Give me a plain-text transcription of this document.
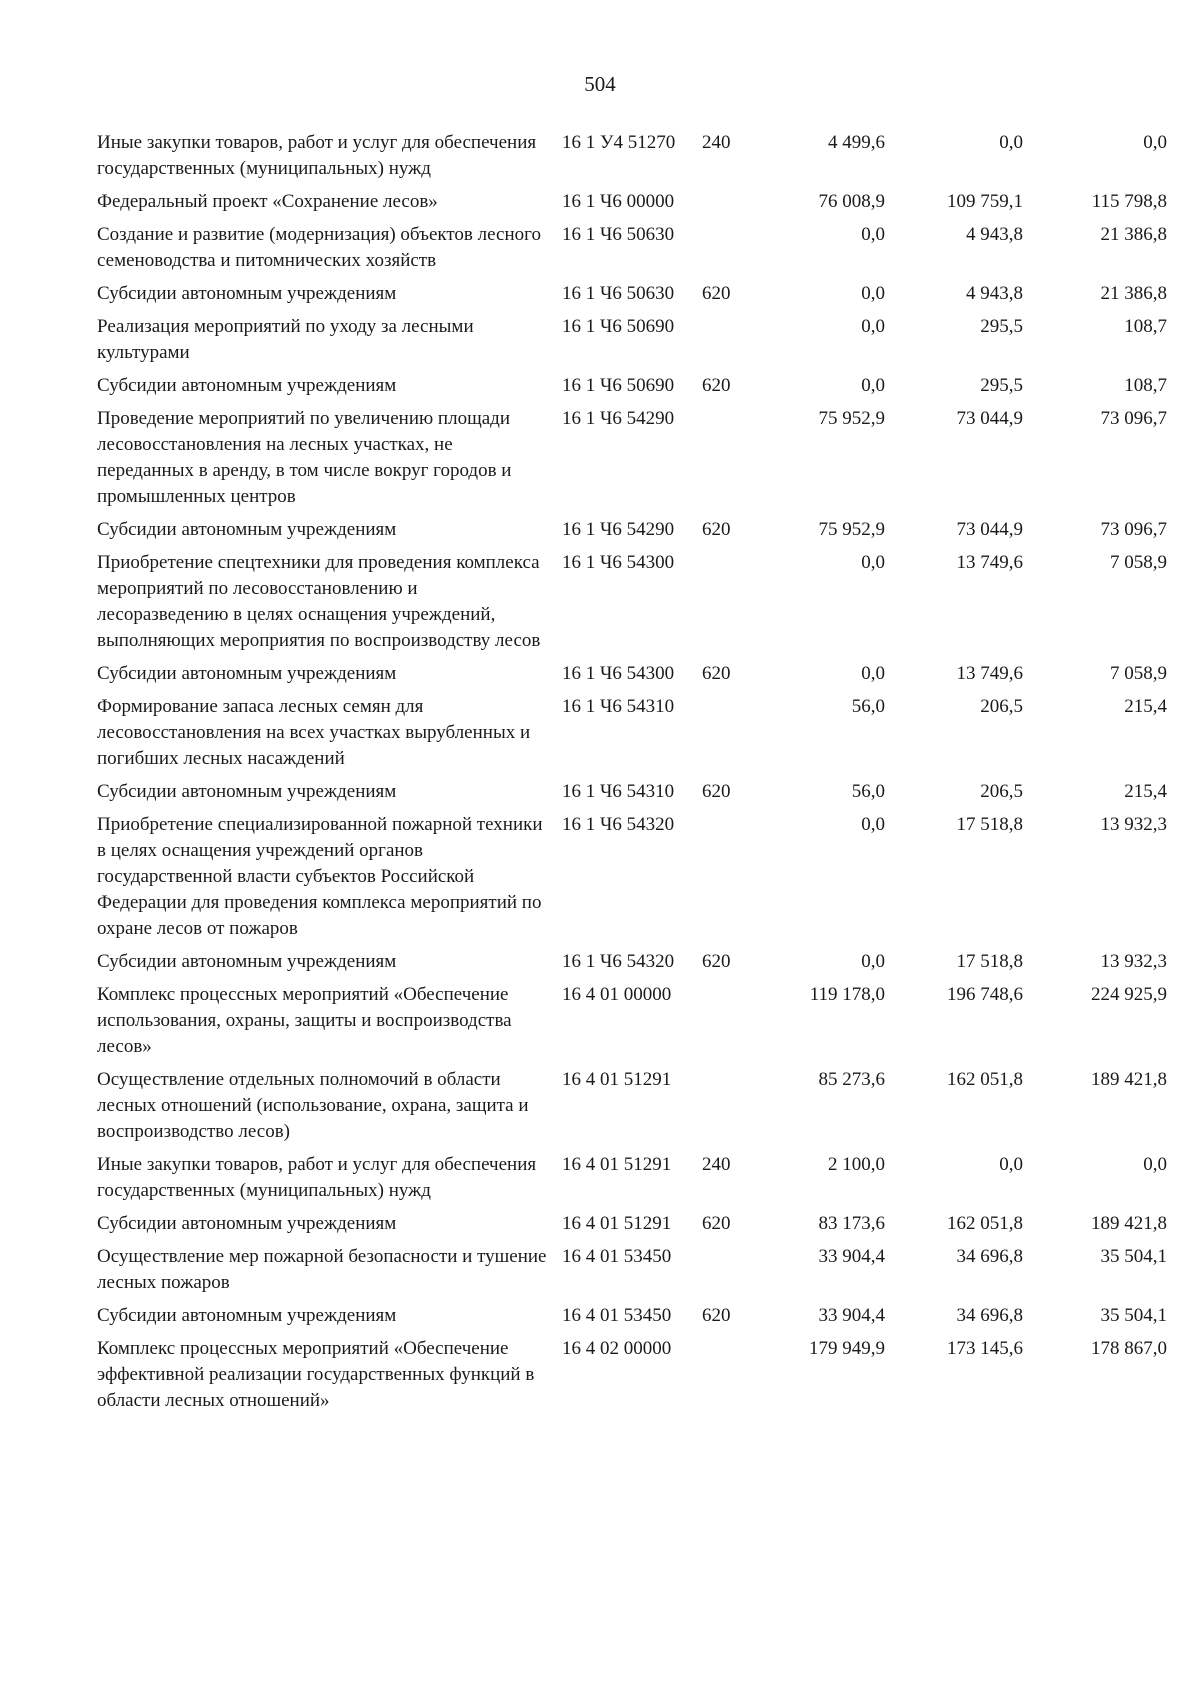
504
Иные закупки товаров, работ и услуг для обеспечения государственных (муниципальных) нужд	16 1 У4 51270	240	4 499,6	0,0	0,0
Федеральный проект «Сохранение лесов»	16 1 Ч6 00000		76 008,9	109 759,1	115 798,8
Создание и развитие (модернизация) объектов лесного семеноводства и питомнических хозяйств	16 1 Ч6 50630		0,0	4 943,8	21 386,8
Субсидии автономным учреждениям	16 1 Ч6 50630	620	0,0	4 943,8	21 386,8
Реализация мероприятий по уходу за лесными культурами	16 1 Ч6 50690		0,0	295,5	108,7
Субсидии автономным учреждениям	16 1 Ч6 50690	620	0,0	295,5	108,7
Проведение мероприятий по увеличению площади лесовосстановления на лесных участках, не переданных в аренду, в том числе вокруг городов и промышленных центров	16 1 Ч6 54290		75 952,9	73 044,9	73 096,7
Субсидии автономным учреждениям	16 1 Ч6 54290	620	75 952,9	73 044,9	73 096,7
Приобретение спецтехники для проведения комплекса мероприятий по лесовосстановлению и лесоразведению в целях оснащения учреждений, выполняющих мероприятия по воспроизводству лесов	16 1 Ч6 54300		0,0	13 749,6	7 058,9
Субсидии автономным учреждениям	16 1 Ч6 54300	620	0,0	13 749,6	7 058,9
Формирование запаса лесных семян для лесовосстановления на всех участках вырубленных и погибших лесных насаждений	16 1 Ч6 54310		56,0	206,5	215,4
Субсидии автономным учреждениям	16 1 Ч6 54310	620	56,0	206,5	215,4
Приобретение специализированной пожарной техники в целях оснащения учреждений органов государственной власти субъектов Российской Федерации для проведения комплекса мероприятий по охране лесов от пожаров	16 1 Ч6 54320		0,0	17 518,8	13 932,3
Субсидии автономным учреждениям	16 1 Ч6 54320	620	0,0	17 518,8	13 932,3
Комплекс процессных мероприятий «Обеспечение использования, охраны, защиты и воспроизводства лесов»	16 4 01 00000		119 178,0	196 748,6	224 925,9
Осуществление отдельных полномочий в области лесных отношений (использование, охрана, защита и воспроизводство лесов)	16 4 01 51291		85 273,6	162 051,8	189 421,8
Иные закупки товаров, работ и услуг для обеспечения государственных (муниципальных) нужд	16 4 01 51291	240	2 100,0	0,0	0,0
Субсидии автономным учреждениям	16 4 01 51291	620	83 173,6	162 051,8	189 421,8
Осуществление мер пожарной безопасности и тушение лесных пожаров	16 4 01 53450		33 904,4	34 696,8	35 504,1
Субсидии автономным учреждениям	16 4 01 53450	620	33 904,4	34 696,8	35 504,1
Комплекс процессных мероприятий «Обеспечение эффективной реализации государственных функций в области лесных отношений»	16 4 02 00000		179 949,9	173 145,6	178 867,0
